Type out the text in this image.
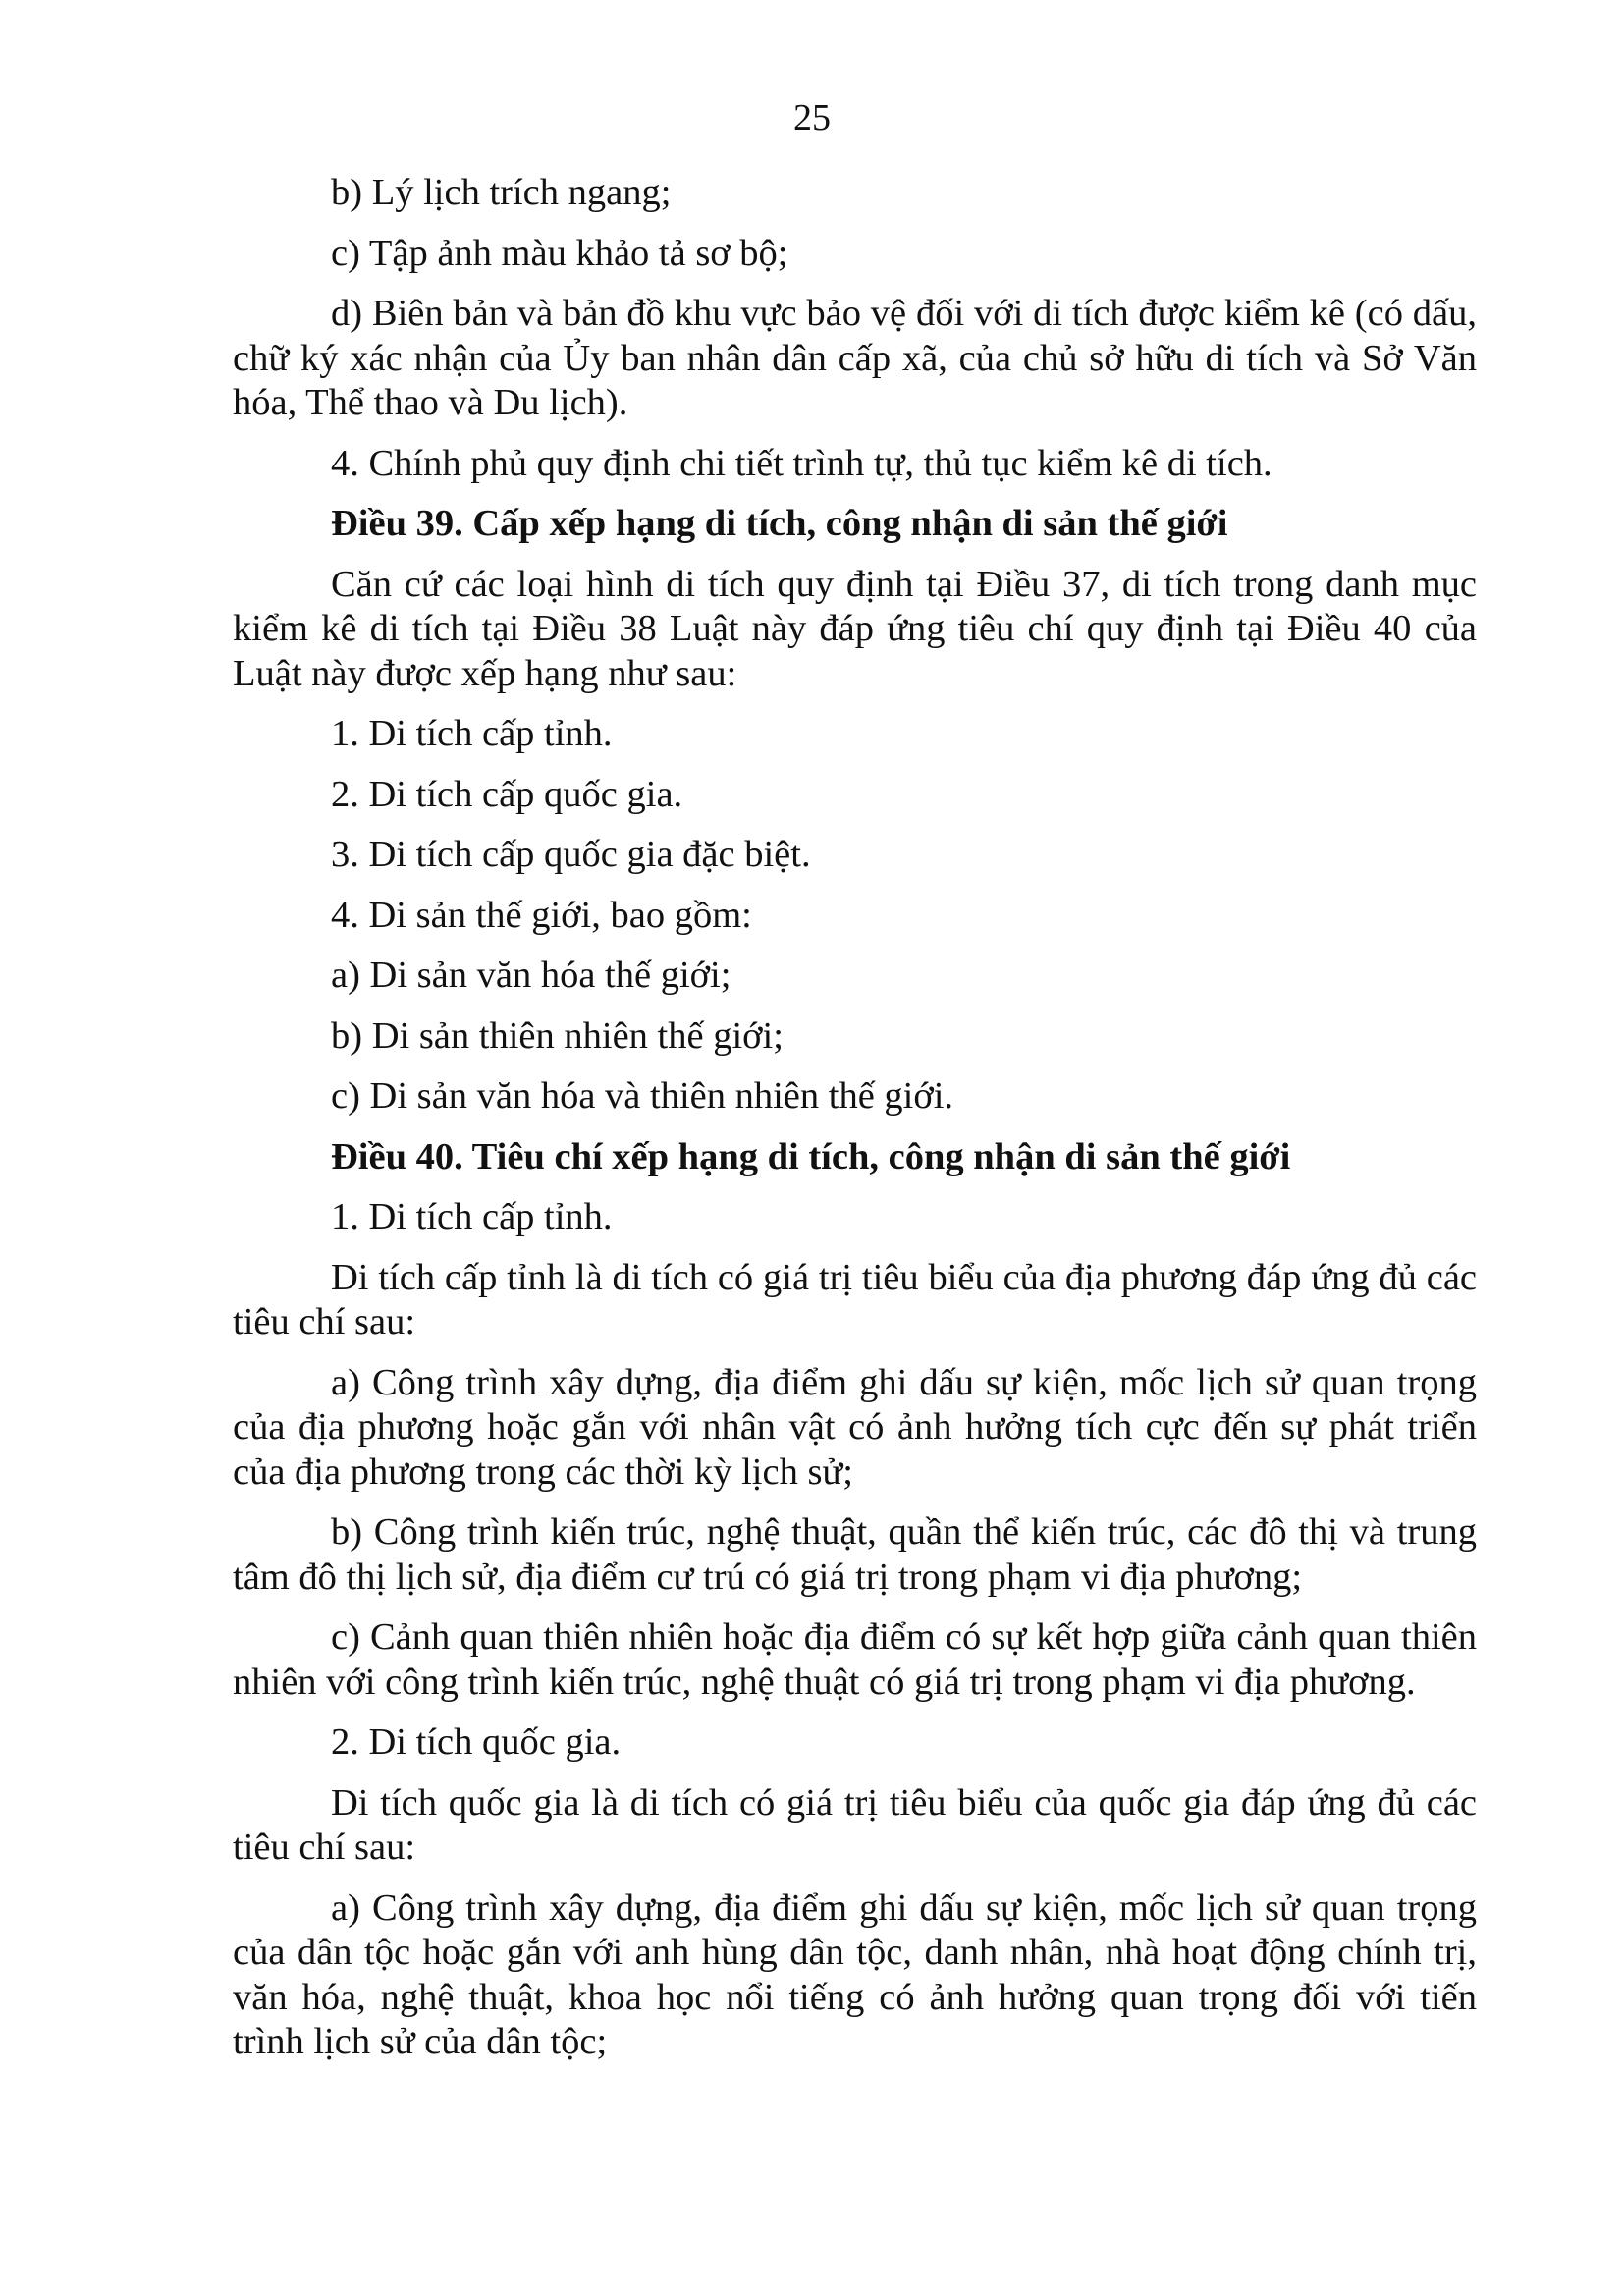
25

b) Lý lịch trích ngang;

c) Tập ảnh màu khảo tả sơ bộ;

d) Biên bản và bản đồ khu vực bảo vệ đối với di tích được kiểm kê (có dấu, chữ ký xác nhận của Ủy ban nhân dân cấp xã, của chủ sở hữu di tích và Sở Văn hóa, Thể thao và Du lịch).

4. Chính phủ quy định chi tiết trình tự, thủ tục kiểm kê di tích.

Điều 39. Cấp xếp hạng di tích, công nhận di sản thế giới

Căn cứ các loại hình di tích quy định tại Điều 37, di tích trong danh mục kiểm kê di tích tại Điều 38 Luật này đáp ứng tiêu chí quy định tại Điều 40 của Luật này được xếp hạng như sau:

1. Di tích cấp tỉnh.

2. Di tích cấp quốc gia.

3. Di tích cấp quốc gia đặc biệt.

4. Di sản thế giới, bao gồm:

a) Di sản văn hóa thế giới;

b) Di sản thiên nhiên thế giới;

c) Di sản văn hóa và thiên nhiên thế giới.

Điều 40. Tiêu chí xếp hạng di tích, công nhận di sản thế giới

1. Di tích cấp tỉnh.

Di tích cấp tỉnh là di tích có giá trị tiêu biểu của địa phương đáp ứng đủ các tiêu chí sau:

a) Công trình xây dựng, địa điểm ghi dấu sự kiện, mốc lịch sử quan trọng của địa phương hoặc gắn với nhân vật có ảnh hưởng tích cực đến sự phát triển của địa phương trong các thời kỳ lịch sử;

b) Công trình kiến trúc, nghệ thuật, quần thể kiến trúc, các đô thị và trung tâm đô thị lịch sử, địa điểm cư trú có giá trị trong phạm vi địa phương;

c) Cảnh quan thiên nhiên hoặc địa điểm có sự kết hợp giữa cảnh quan thiên nhiên với công trình kiến trúc, nghệ thuật có giá trị trong phạm vi địa phương.

2. Di tích quốc gia.

Di tích quốc gia là di tích có giá trị tiêu biểu của quốc gia đáp ứng đủ các tiêu chí sau:

a) Công trình xây dựng, địa điểm ghi dấu sự kiện, mốc lịch sử quan trọng của dân tộc hoặc gắn với anh hùng dân tộc, danh nhân, nhà hoạt động chính trị, văn hóa, nghệ thuật, khoa học nổi tiếng có ảnh hưởng quan trọng đối với tiến trình lịch sử của dân tộc;
